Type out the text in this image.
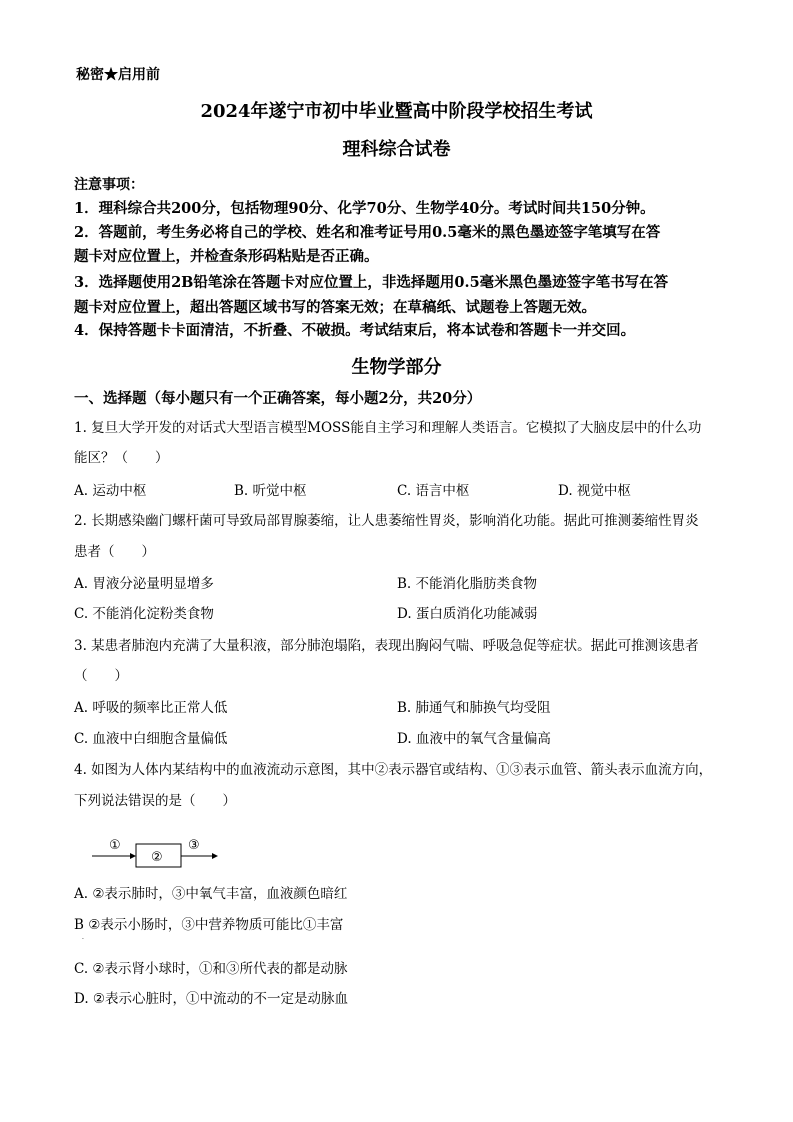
秘密★启用前
2024年遂宁市初中毕业暨高中阶段学校招生考试
理科综合试卷
注意事项：
1．理科综合共200分，包括物理90分、化学70分、生物学40分。考试时间共150分钟。
2．答题前，考生务必将自己的学校、姓名和准考证号用0.5毫米的黑色墨迹签字笔填写在答
题卡对应位置上，并检查条形码粘贴是否正确。
3．选择题使用2B铅笔涂在答题卡对应位置上，非选择题用0.5毫米黑色墨迹签字笔书写在答
题卡对应位置上，超出答题区域书写的答案无效；在草稿纸、试题卷上答题无效。
4．保持答题卡卡面清洁，不折叠、不破损。考试结束后，将本试卷和答题卡一并交回。
生物学部分
一、选择题（每小题只有一个正确答案，每小题2分，共20分）
1. 复旦大学开发的对话式大型语言模型MOSS能自主学习和理解人类语言。它模拟了大脑皮层中的什么功
能区？（　　）
A. 运动中枢	B. 听觉中枢	C. 语言中枢	D. 视觉中枢
2. 长期感染幽门螺杆菌可导致局部胃腺萎缩，让人患萎缩性胃炎，影响消化功能。据此可推测萎缩性胃炎
患者（　　）
A. 胃液分泌量明显增多	B. 不能消化脂肪类食物
C. 不能消化淀粉类食物	D. 蛋白质消化功能减弱
3. 某患者肺泡内充满了大量积液，部分肺泡塌陷，表现出胸闷气喘、呼吸急促等症状。据此可推测该患者
（　　）
A. 呼吸的频率比正常人低	B. 肺通气和肺换气均受阻
C. 血液中白细胞含量偏低	D. 血液中的氧气含量偏高
4. 如图为人体内某结构中的血液流动示意图，其中②表示器官或结构、①③表示血管、箭头表示血流方向，
下列说法错误的是（　　）
①
②
③
A. ②表示肺时，③中氧气丰富，血液颜色暗红
B ②表示小肠时，③中营养物质可能比①丰富
·
C. ②表示肾小球时，①和③所代表的都是动脉
D. ②表示心脏时，①中流动的不一定是动脉血
